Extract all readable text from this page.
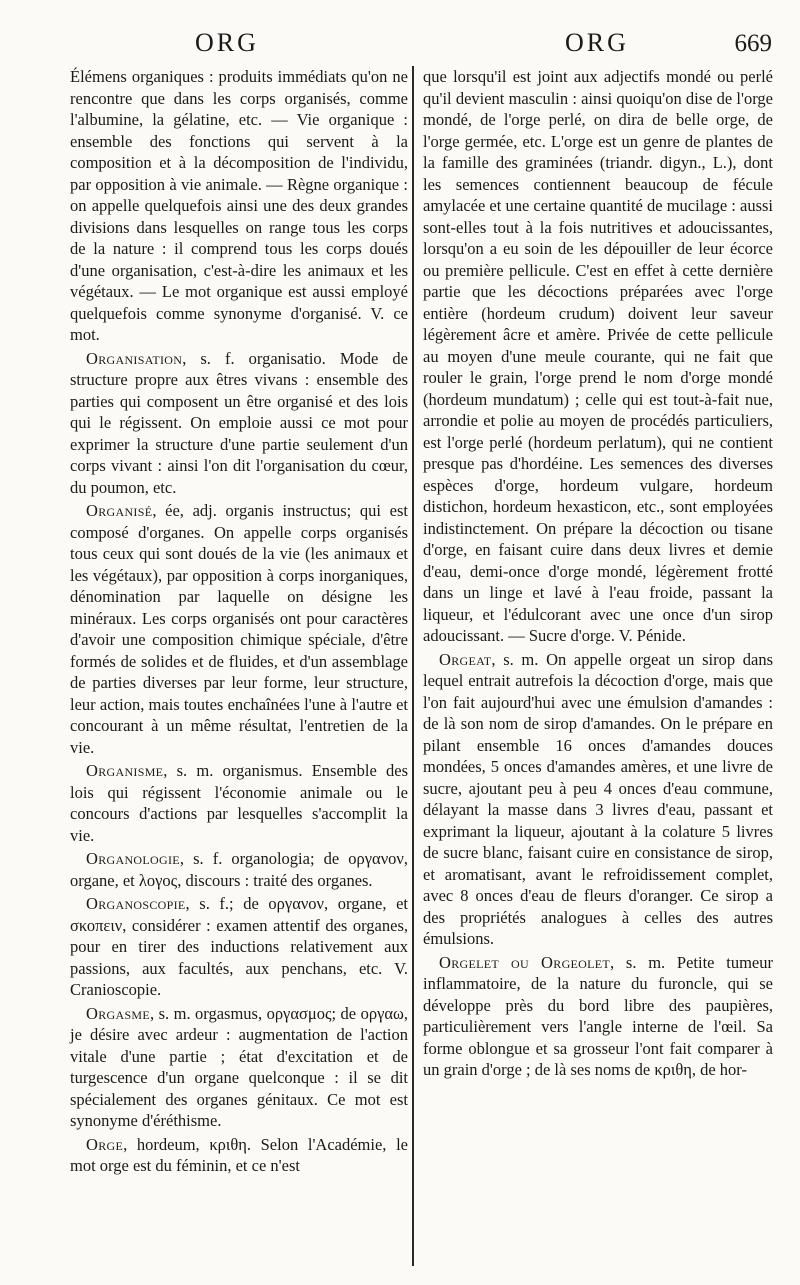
ORG	ORG	669

Élémens organiques : produits immédiats qu'on ne rencontre que dans les corps organisés, comme l'albumine, la gélatine, etc. — Vie organique : ensemble des fonctions qui servent à la composition et à la décomposition de l'individu, par opposition à vie animale. — Règne organique : on appelle quelquefois ainsi une des deux grandes divisions dans lesquelles on range tous les corps de la nature : il comprend tous les corps doués d'une organisation, c'est-à-dire les animaux et les végétaux. — Le mot organique est aussi employé quelquefois comme synonyme d'organisé. V. ce mot.

Organisation, s. f. organisatio. Mode de structure propre aux êtres vivans : ensemble des parties qui composent un être organisé et des lois qui le régissent. On emploie aussi ce mot pour exprimer la structure d'une partie seulement d'un corps vivant : ainsi l'on dit l'organisation du cœur, du poumon, etc.

Organisé, ée, adj. organis instructus; qui est composé d'organes. On appelle corps organisés tous ceux qui sont doués de la vie (les animaux et les végétaux), par opposition à corps inorganiques, dénomination par laquelle on désigne les minéraux. Les corps organisés ont pour caractères d'avoir une composition chimique spéciale, d'être formés de solides et de fluides, et d'un assemblage de parties diverses par leur forme, leur structure, leur action, mais toutes enchaînées l'une à l'autre et concourant à un même résultat, l'entretien de la vie.

Organisme, s. m. organismus. Ensemble des lois qui régissent l'économie animale ou le concours d'actions par lesquelles s'accomplit la vie.

Organologie, s. f. organologia; de οργανον, organe, et λογος, discours : traité des organes.

Organoscopie, s. f.; de οργανον, organe, et σκοπειν, considérer : examen attentif des organes, pour en tirer des inductions relativement aux passions, aux facultés, aux penchans, etc. V. Cranioscopie.

Orgasme, s. m. orgasmus, οργασμος; de οργαω, je désire avec ardeur : augmentation de l'action vitale d'une partie ; état d'excitation et de turgescence d'un organe quelconque : il se dit spécialement des organes génitaux. Ce mot est synonyme d'éréthisme.

Orge, hordeum, κριθη. Selon l'Académie, le mot orge est du féminin, et ce n'est

que lorsqu'il est joint aux adjectifs mondé ou perlé qu'il devient masculin : ainsi quoiqu'on dise de l'orge mondé, de l'orge perlé, on dira de belle orge, de l'orge germée, etc. L'orge est un genre de plantes de la famille des graminées (triandr. digyn., L.), dont les semences contiennent beaucoup de fécule amylacée et une certaine quantité de mucilage : aussi sont-elles tout à la fois nutritives et adoucissantes, lorsqu'on a eu soin de les dépouiller de leur écorce ou première pellicule. C'est en effet à cette dernière partie que les décoctions préparées avec l'orge entière (hordeum crudum) doivent leur saveur légèrement âcre et amère. Privée de cette pellicule au moyen d'une meule courante, qui ne fait que rouler le grain, l'orge prend le nom d'orge mondé (hordeum mundatum) ; celle qui est tout-à-fait nue, arrondie et polie au moyen de procédés particuliers, est l'orge perlé (hordeum perlatum), qui ne contient presque pas d'hordéine. Les semences des diverses espèces d'orge, hordeum vulgare, hordeum distichon, hordeum hexasticon, etc., sont employées indistinctement. On prépare la décoction ou tisane d'orge, en faisant cuire dans deux livres et demie d'eau, demi-once d'orge mondé, légèrement frotté dans un linge et lavé à l'eau froide, passant la liqueur, et l'édulcorant avec une once d'un sirop adoucissant. — Sucre d'orge. V. Pénide.

Orgeat, s. m. On appelle orgeat un sirop dans lequel entrait autrefois la décoction d'orge, mais que l'on fait aujourd'hui avec une émulsion d'amandes : de là son nom de sirop d'amandes. On le prépare en pilant ensemble 16 onces d'amandes douces mondées, 5 onces d'amandes amères, et une livre de sucre, ajoutant peu à peu 4 onces d'eau commune, délayant la masse dans 3 livres d'eau, passant et exprimant la liqueur, ajoutant à la colature 5 livres de sucre blanc, faisant cuire en consistance de sirop, et aromatisant, avant le refroidissement complet, avec 8 onces d'eau de fleurs d'oranger. Ce sirop a des propriétés analogues à celles des autres émulsions.

Orgelet ou Orgeolet, s. m. Petite tumeur inflammatoire, de la nature du furoncle, qui se développe près du bord libre des paupières, particulièrement vers l'angle interne de l'œil. Sa forme oblongue et sa grosseur l'ont fait comparer à un grain d'orge ; de là ses noms de κριθη, de hor-
